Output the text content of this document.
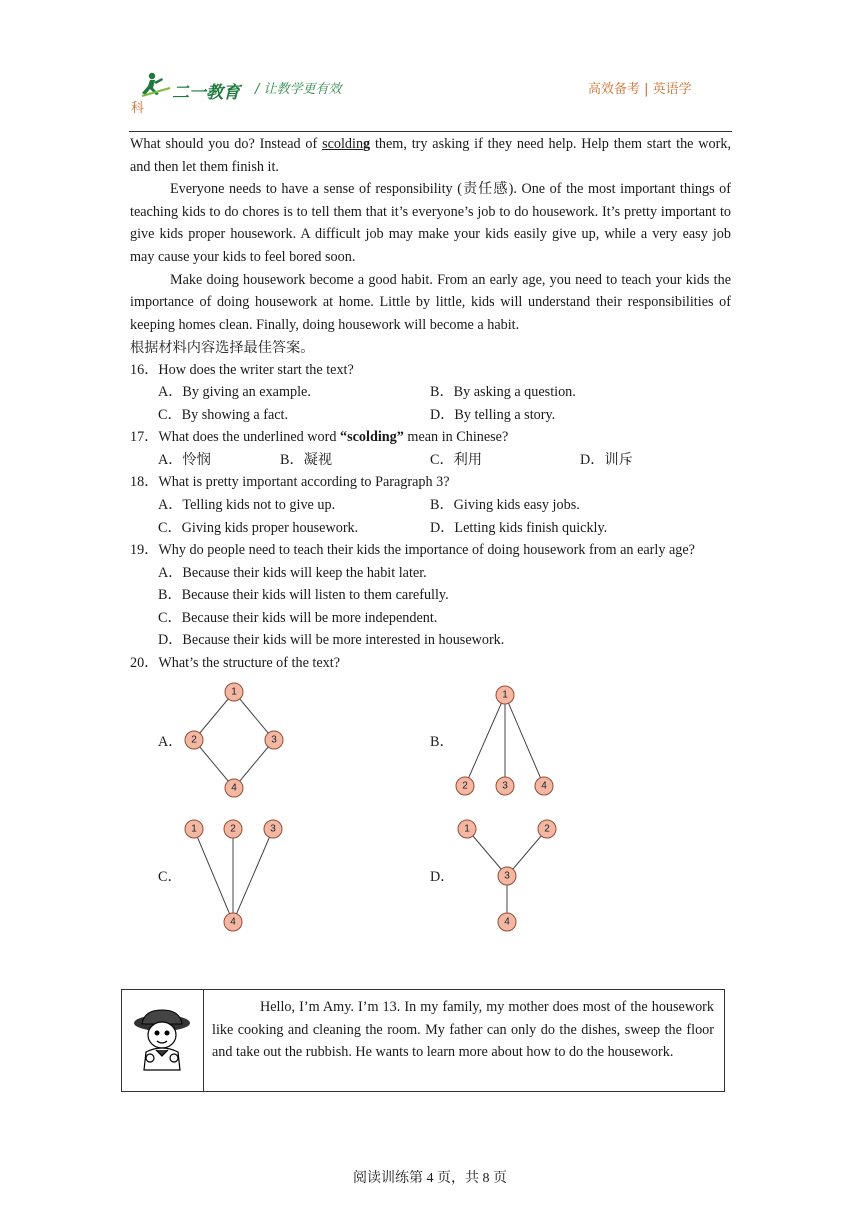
二一教育 / 让教学更有效	高效备考 | 英语学
科

What should you do? Instead of scolding them, try asking if they need help. Help them start the work, and then let them finish it.

Everyone needs to have a sense of responsibility (责任感). One of the most important things of teaching kids to do chores is to tell them that it’s everyone’s job to do housework. It’s pretty important to give kids proper housework. A difficult job may make your kids easily give up, while a very easy job may cause your kids to feel bored soon.

Make doing housework become a good habit. From an early age, you need to teach your kids the importance of doing housework at home. Little by little, kids will understand their responsibilities of keeping homes clean. Finally, doing housework will become a habit.

根据材料内容选择最佳答案。
16．How does the writer start the text?
A．By giving an example.	B．By asking a question.
C．By showing a fact.	D．By telling a story.
17．What does the underlined word “scolding” mean in Chinese?
A．怜悯	B．凝视	C．利用	D．训斥
18．What is pretty important according to Paragraph 3?
A．Telling kids not to give up.	B．Giving kids easy jobs.
C．Giving kids proper housework.	D．Letting kids finish quickly.
19．Why do people need to teach their kids the importance of doing housework from an early age?
A．Because their kids will keep the habit later.
B．Because their kids will listen to them carefully.
C．Because their kids will be more independent.
D．Because their kids will be more interested in housework.
20．What’s the structure of the text?
A．	B．
C．	D．
1
2	3
4
1
2	3	4
1	2	3
4
1	2
3
4
Hello, I’m Amy. I’m 13. In my family, my mother does most of the housework like cooking and cleaning the room. My father can only do the dishes, sweep the floor and take out the rubbish. He wants to learn more about how to do the housework.
阅读训练第 4 页，共 8 页
